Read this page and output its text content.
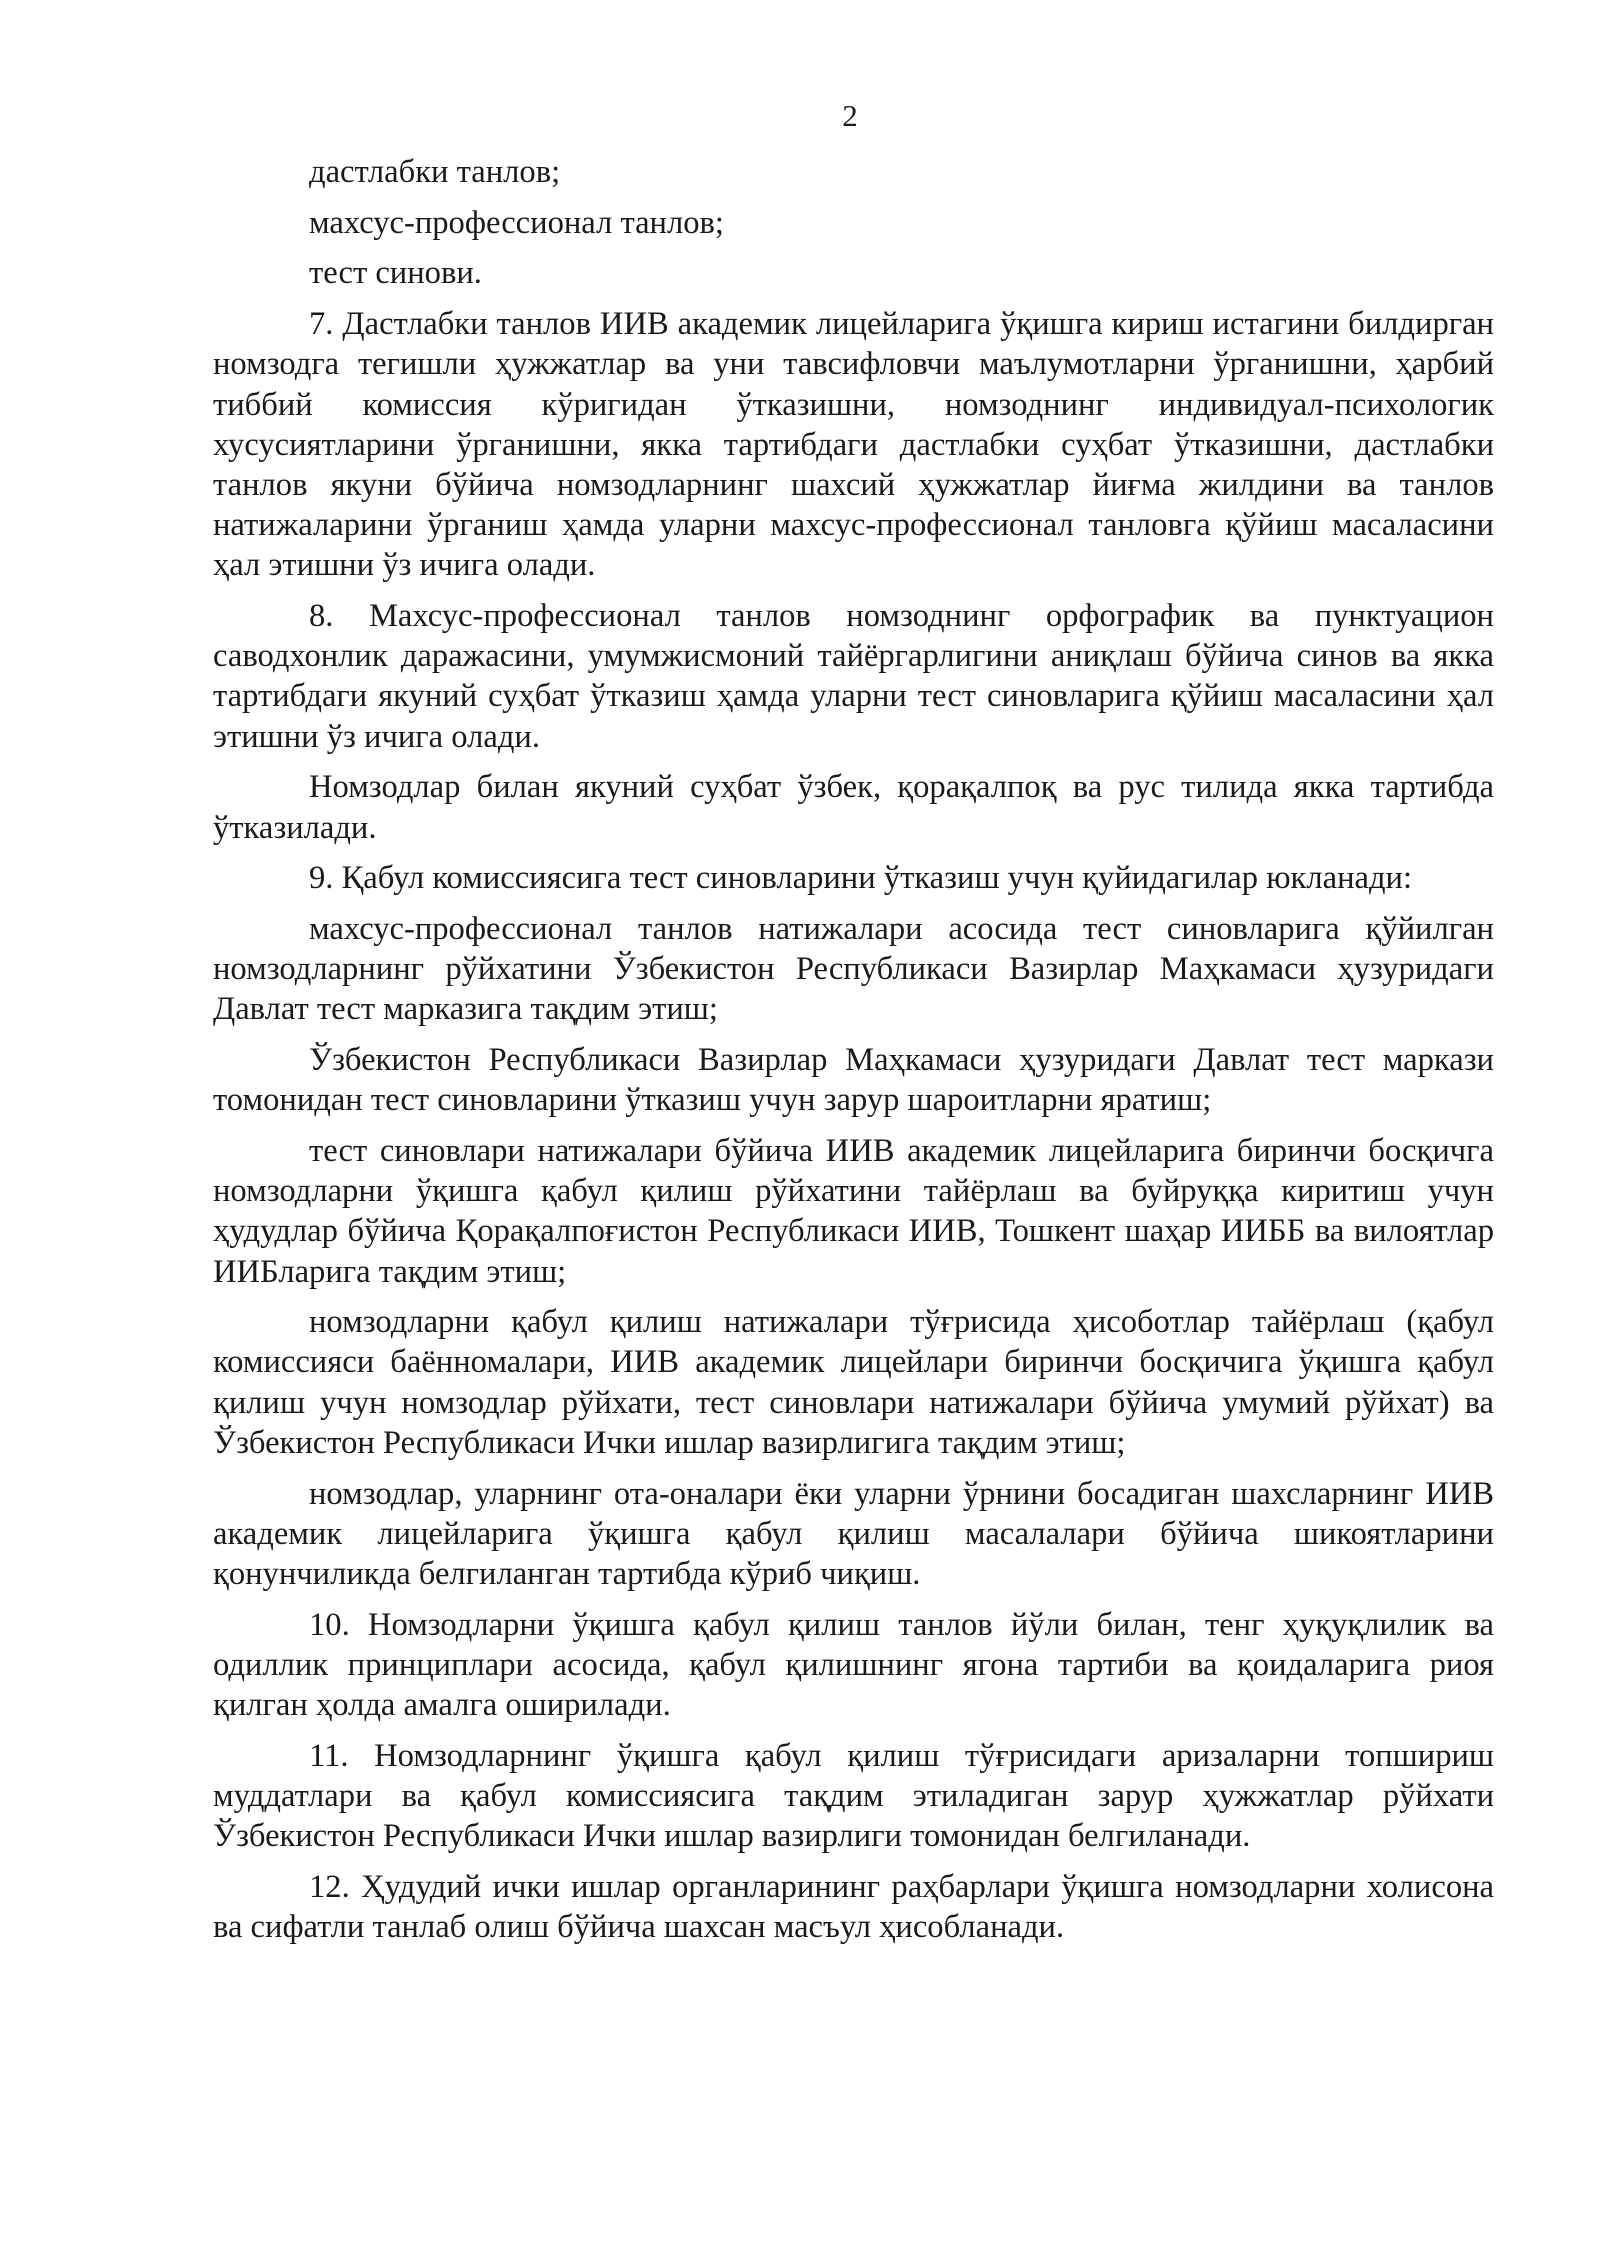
2

дастлабки танлов;

махсус-профессионал танлов;

тест синови.

7. Дастлабки танлов ИИВ академик лицейларига ўқишга кириш истагини билдирган номзодга тегишли ҳужжатлар ва уни тавсифловчи маълумотларни ўрганишни, ҳарбий тиббий комиссия кўригидан ўтказишни, номзоднинг индивидуал-психологик хусусиятларини ўрганишни, якка тартибдаги дастлабки суҳбат ўтказишни, дастлабки танлов якуни бўйича номзодларнинг шахсий ҳужжатлар йиғма жилдини ва танлов натижаларини ўрганиш ҳамда уларни махсус-профессионал танловга қўйиш масаласини ҳал этишни ўз ичига олади.

8. Махсус-профессионал танлов номзоднинг орфографик ва пунктуацион саводхонлик даражасини, умумжисмоний тайёргарлигини аниқлаш бўйича синов ва якка тартибдаги якуний суҳбат ўтказиш ҳамда уларни тест синовларига қўйиш масаласини ҳал этишни ўз ичига олади.

Номзодлар билан якуний суҳбат ўзбек, қорақалпоқ ва рус тилида якка тартибда ўтказилади.

9. Қабул комиссиясига тест синовларини ўтказиш учун қуйидагилар юкланади:

махсус-профессионал танлов натижалари асосида тест синовларига қўйилган номзодларнинг рўйхатини Ўзбекистон Республикаси Вазирлар Маҳкамаси ҳузуридаги Давлат тест марказига тақдим этиш;

Ўзбекистон Республикаси Вазирлар Маҳкамаси ҳузуридаги Давлат тест маркази томонидан тест синовларини ўтказиш учун зарур шароитларни яратиш;

тест синовлари натижалари бўйича ИИВ академик лицейларига биринчи босқичга номзодларни ўқишга қабул қилиш рўйхатини тайёрлаш ва буйруққа киритиш учун ҳудудлар бўйича Қорақалпоғистон Республикаси ИИВ, Тошкент шаҳар ИИББ ва вилоятлар ИИБларига тақдим этиш;

номзодларни қабул қилиш натижалари тўғрисида ҳисоботлар тайёрлаш (қабул комиссияси баённомалари, ИИВ академик лицейлари биринчи босқичига ўқишга қабул қилиш учун номзодлар рўйхати, тест синовлари натижалари бўйича умумий рўйхат) ва Ўзбекистон Республикаси Ички ишлар вазирлигига тақдим этиш;

номзодлар, уларнинг ота-оналари ёки уларни ўрнини босадиган шахсларнинг ИИВ академик лицейларига ўқишга қабул қилиш масалалари бўйича шикоятларини қонунчиликда белгиланган тартибда кўриб чиқиш.

10. Номзодларни ўқишга қабул қилиш танлов йўли билан, тенг ҳуқуқлилик ва одиллик принциплари асосида, қабул қилишнинг ягона тартиби ва қоидаларига риоя қилган ҳолда амалга оширилади.

11. Номзодларнинг ўқишга қабул қилиш тўғрисидаги аризаларни топшириш муддатлари ва қабул комиссиясига тақдим этиладиган зарур ҳужжатлар рўйхати Ўзбекистон Республикаси Ички ишлар вазирлиги томонидан белгиланади.

12. Ҳудудий ички ишлар органларининг раҳбарлари ўқишга номзодларни холисона ва сифатли танлаб олиш бўйича шахсан масъул ҳисобланади.
